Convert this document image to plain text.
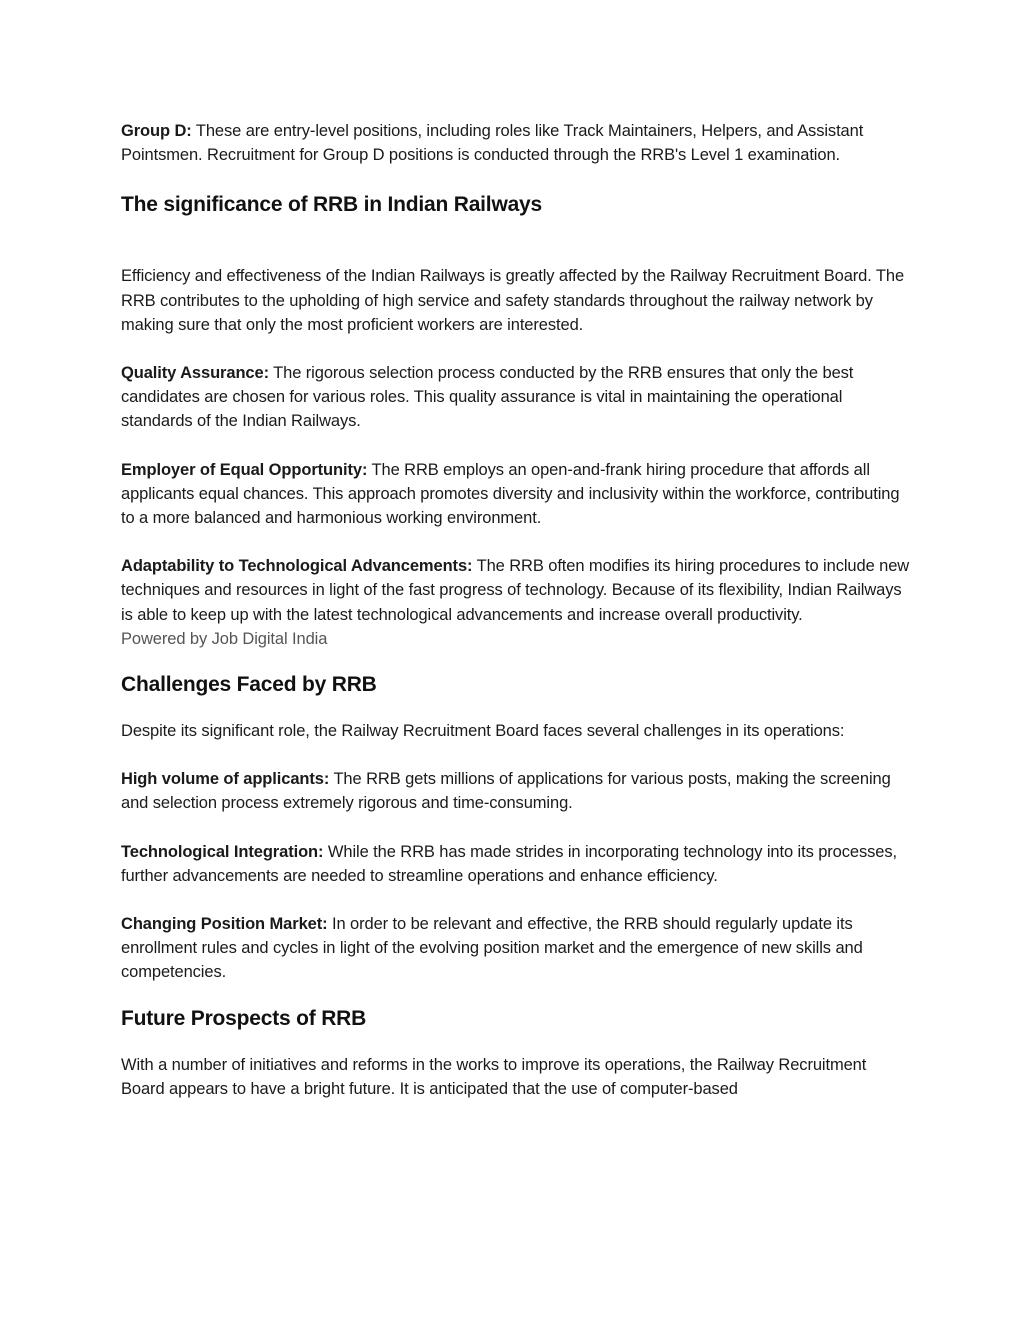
Group D: These are entry-level positions, including roles like Track Maintainers, Helpers, and Assistant Pointsmen. Recruitment for Group D positions is conducted through the RRB's Level 1 examination.

The significance of RRB in Indian Railways

Efficiency and effectiveness of the Indian Railways is greatly affected by the Railway Recruitment Board. The RRB contributes to the upholding of high service and safety standards throughout the railway network by making sure that only the most proficient workers are interested.

Quality Assurance: The rigorous selection process conducted by the RRB ensures that only the best candidates are chosen for various roles. This quality assurance is vital in maintaining the operational standards of the Indian Railways.

Employer of Equal Opportunity: The RRB employs an open-and-frank hiring procedure that affords all applicants equal chances. This approach promotes diversity and inclusivity within the workforce, contributing to a more balanced and harmonious working environment.

Adaptability to Technological Advancements: The RRB often modifies its hiring procedures to include new techniques and resources in light of the fast progress of technology. Because of its flexibility, Indian Railways is able to keep up with the latest technological advancements and increase overall productivity.

Powered by Job Digital India

Challenges Faced by RRB

Despite its significant role, the Railway Recruitment Board faces several challenges in its operations:

High volume of applicants: The RRB gets millions of applications for various posts, making the screening and selection process extremely rigorous and time-consuming.

Technological Integration: While the RRB has made strides in incorporating technology into its processes, further advancements are needed to streamline operations and enhance efficiency.

Changing Position Market: In order to be relevant and effective, the RRB should regularly update its enrollment rules and cycles in light of the evolving position market and the emergence of new skills and competencies.

Future Prospects of RRB

With a number of initiatives and reforms in the works to improve its operations, the Railway Recruitment Board appears to have a bright future. It is anticipated that the use of computer-based
